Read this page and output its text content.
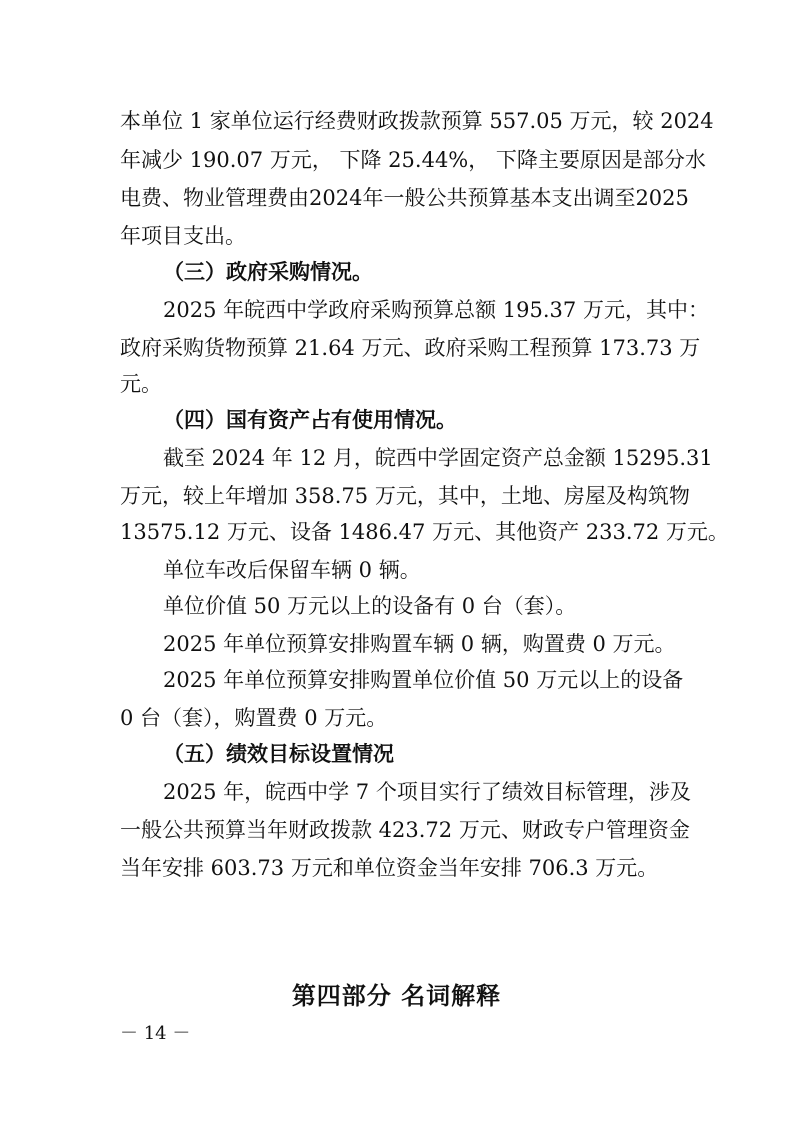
本单位 1 家单位运行经费财政拨款预算 557.05 万元，较 2024
年减少 190.07 万元， 下降 25.44%， 下降主要原因是部分水
电费、物业管理费由2024年一般公共预算基本支出调至2025
年项目支出。
（三）政府采购情况。
2025 年皖西中学政府采购预算总额 195.37 万元，其中：
政府采购货物预算 21.64 万元、政府采购工程预算 173.73 万
元。
（四）国有资产占有使用情况。
截至 2024 年 12 月，皖西中学固定资产总金额 15295.31
万元，较上年增加 358.75 万元，其中，土地、房屋及构筑物
13575.12 万元、设备 1486.47 万元、其他资产 233.72 万元。
单位车改后保留车辆 0 辆。
单位价值 50 万元以上的设备有 0 台（套）。
2025 年单位预算安排购置车辆 0 辆，购置费 0 万元。
2025 年单位预算安排购置单位价值 50 万元以上的设备
0 台（套），购置费 0 万元。
（五）绩效目标设置情况
2025 年，皖西中学 7 个项目实行了绩效目标管理，涉及
一般公共预算当年财政拨款 423.72 万元、财政专户管理资金
当年安排 603.73 万元和单位资金当年安排 706.3 万元。
第四部分 名词解释
－ 14 －
